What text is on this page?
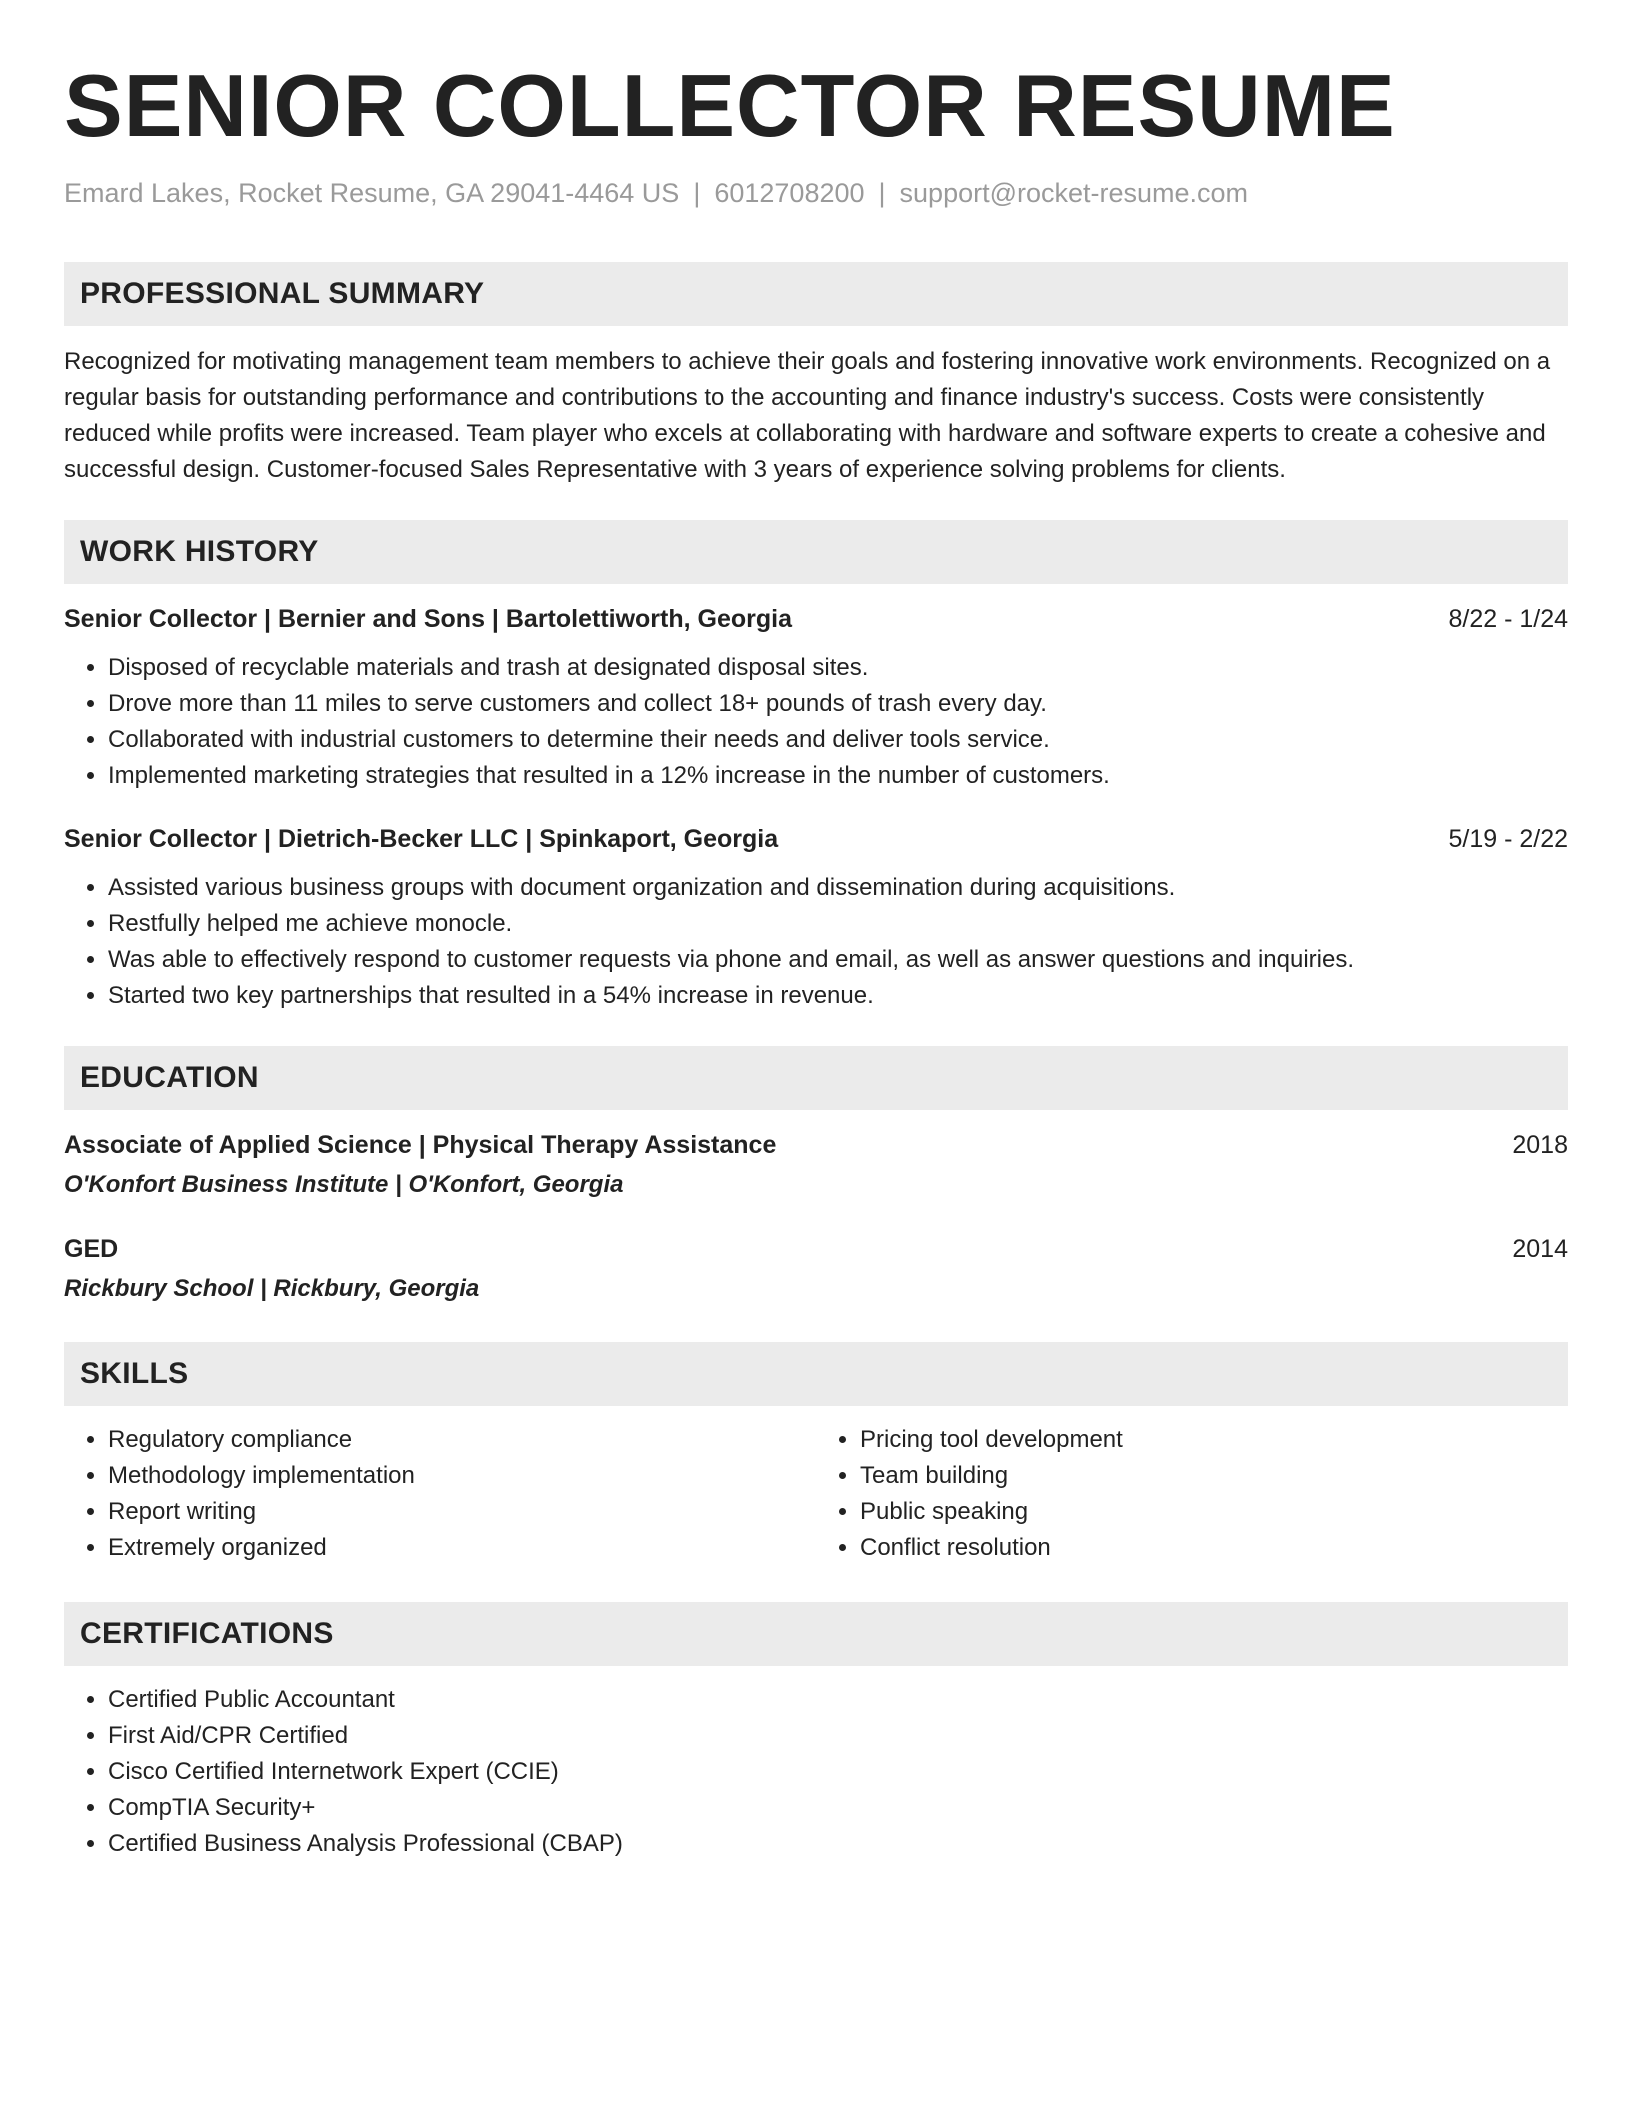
SENIOR COLLECTOR RESUME
Emard Lakes, Rocket Resume, GA 29041-4464 US | 6012708200 | support@rocket-resume.com
PROFESSIONAL SUMMARY

Recognized for motivating management team members to achieve their goals and fostering innovative work environments. Recognized on a regular basis for outstanding performance and contributions to the accounting and finance industry's success. Costs were consistently reduced while profits were increased. Team player who excels at collaborating with hardware and software experts to create a cohesive and successful design. Customer-focused Sales Representative with 3 years of experience solving problems for clients.

WORK HISTORY
Senior Collector | Bernier and Sons | Bartolettiworth, Georgia	8/22 - 1/24
• Disposed of recyclable materials and trash at designated disposal sites.
• Drove more than 11 miles to serve customers and collect 18+ pounds of trash every day.
• Collaborated with industrial customers to determine their needs and deliver tools service.
• Implemented marketing strategies that resulted in a 12% increase in the number of customers.
Senior Collector | Dietrich-Becker LLC | Spinkaport, Georgia	5/19 - 2/22
• Assisted various business groups with document organization and dissemination during acquisitions.
• Restfully helped me achieve monocle.
• Was able to effectively respond to customer requests via phone and email, as well as answer questions and inquiries.
• Started two key partnerships that resulted in a 54% increase in revenue.
EDUCATION
Associate of Applied Science | Physical Therapy Assistance	2018
O'Konfort Business Institute | O'Konfort, Georgia
GED	2014
Rickbury School | Rickbury, Georgia
SKILLS
• Regulatory compliance
• Methodology implementation
• Report writing
• Extremely organized
• Pricing tool development
• Team building
• Public speaking
• Conflict resolution
CERTIFICATIONS
• Certified Public Accountant
• First Aid/CPR Certified
• Cisco Certified Internetwork Expert (CCIE)
• CompTIA Security+
• Certified Business Analysis Professional (CBAP)
